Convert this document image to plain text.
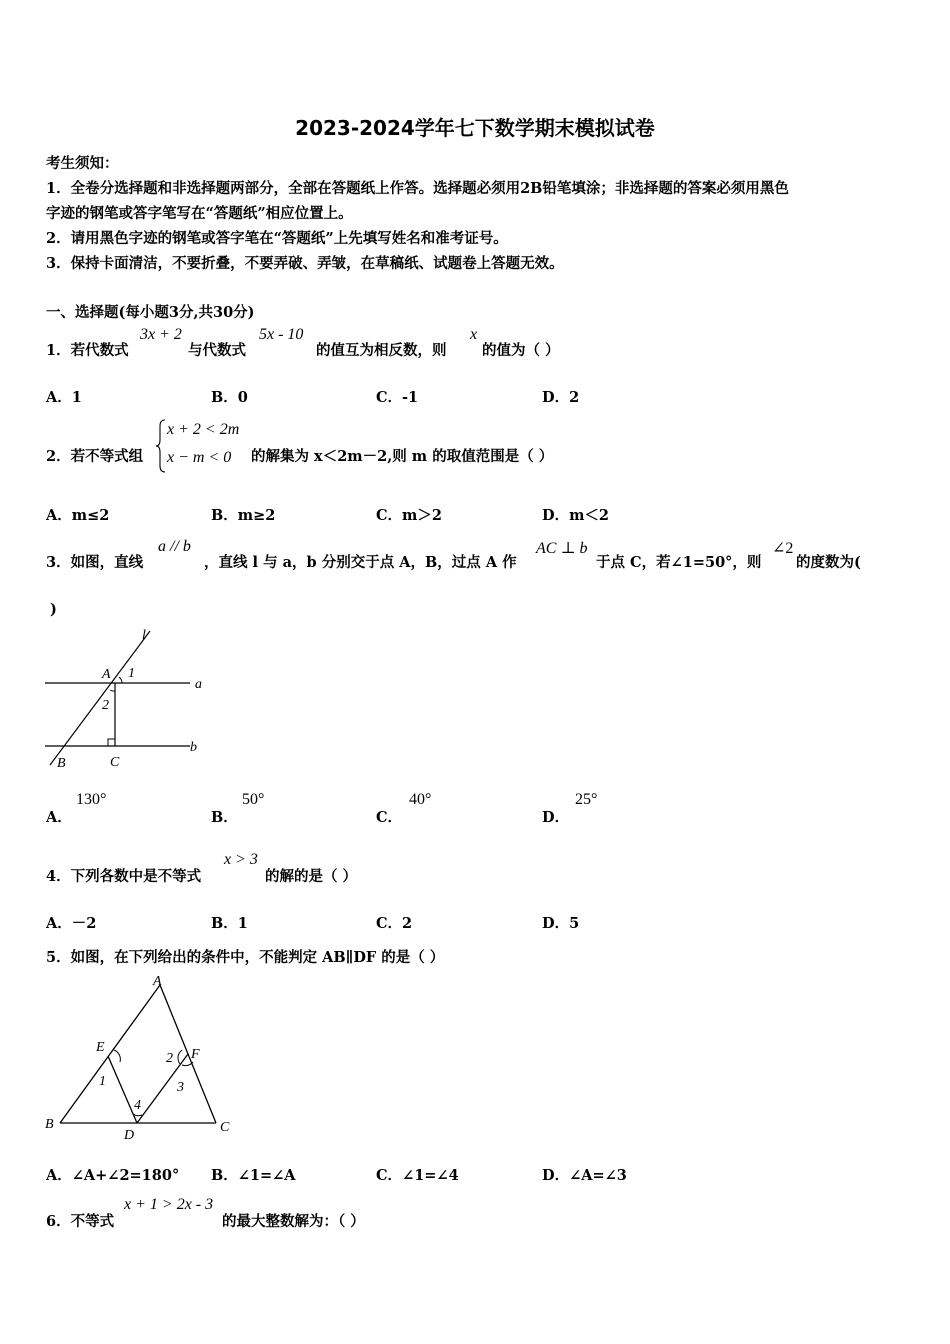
2023-2024学年七下数学期末模拟试卷
考生须知：
1．全卷分选择题和非选择题两部分，全部在答题纸上作答。选择题必须用2B铅笔填涂；非选择题的答案必须用黑色
字迹的钢笔或答字笔写在“答题纸”相应位置上。
2．请用黑色字迹的钢笔或答字笔在“答题纸”上先填写姓名和准考证号。
3．保持卡面清洁，不要折叠，不要弄破、弄皱，在草稿纸、试题卷上答题无效。
一、选择题(每小题3分,共30分)
1．若代数式
3x + 2
与代数式
5x - 10
的值互为相反数，则
x
的值为（ ）
A．1	B．0	C．-1	D．2
2．若不等式组
x + 2 < 2m
x − m < 0 的解集为 x＜2m－2,则 m 的取值范围是（ ）
A．m≤2	B．m≥2	C．m＞2	D．m＜2
3．如图，直线
a // b
，直线 l 与 a，b 分别交于点 A，B，过点 A 作
AC ⊥ b
于点 C，若∠1=50°，则
∠2
的度数为(
)
l
A 1
a
2
b
B	C
A．
130°
B．
50°
C．
40°
D．
25°
4．下列各数中是不等式
x > 3
的解的是（ ）
A．－2	B．1	C．2	D．5
5．如图，在下列给出的条件中，不能判定 AB∥DF 的是（ ）
A
E	F
1
2
3
4
B
D
C
A．∠A+∠2=180° B．∠1=∠A	C．∠1=∠4	D．∠A=∠3
6．不等式
x + 1 > 2x - 3
的最大整数解为：（ ）
